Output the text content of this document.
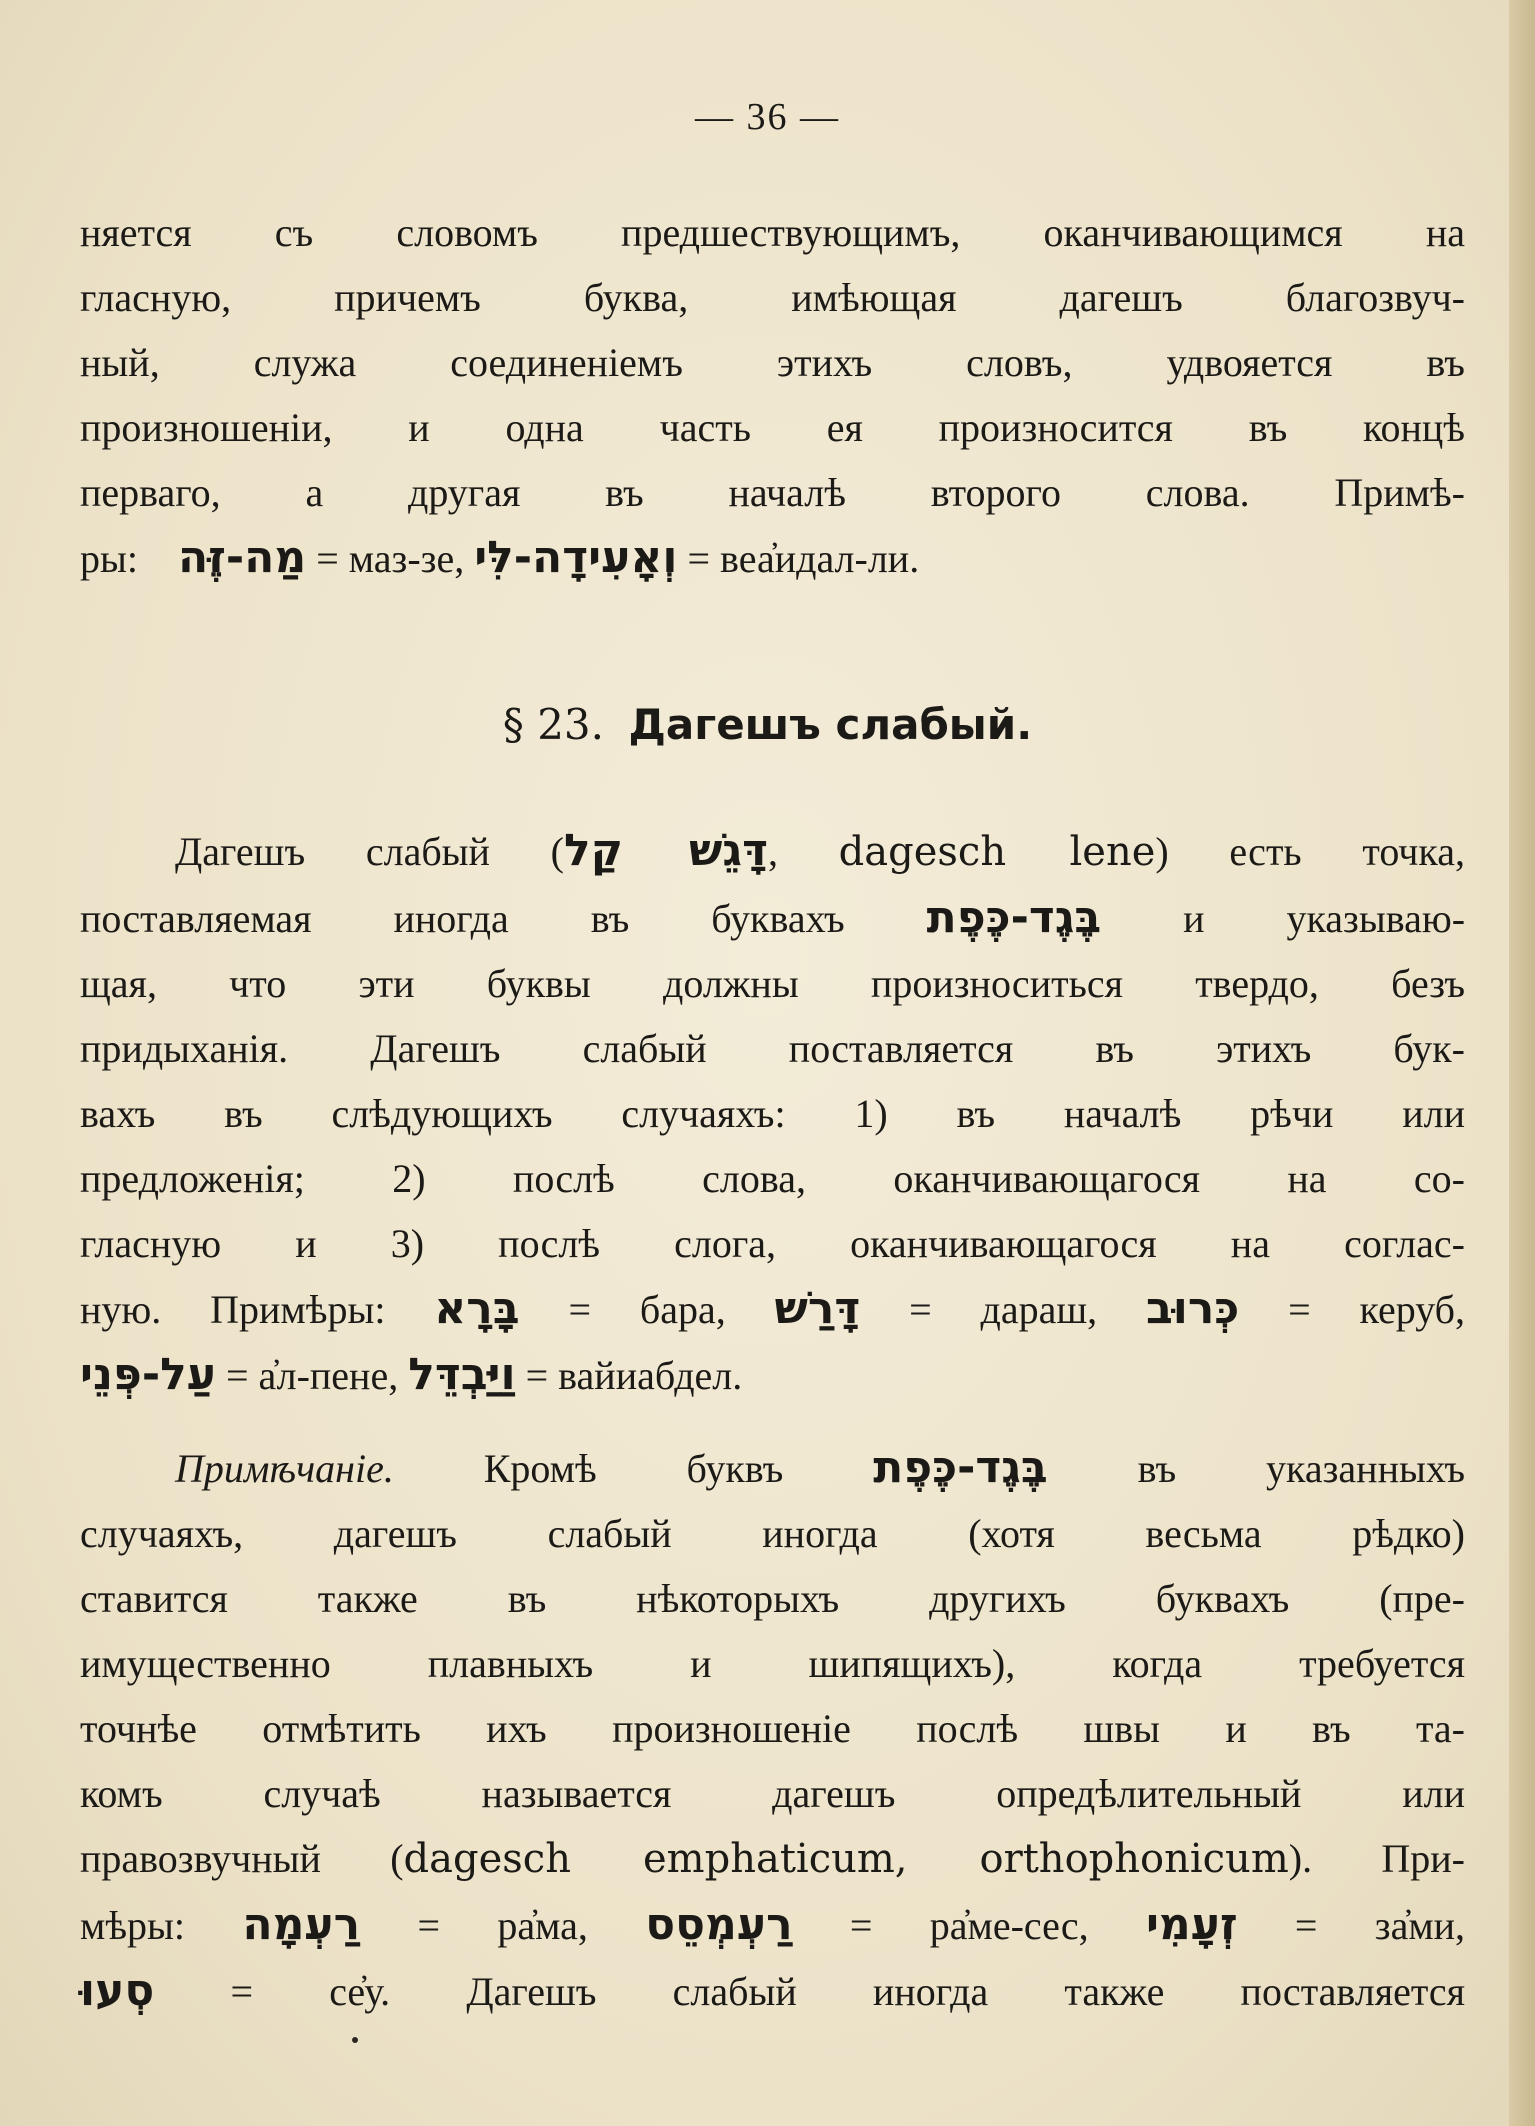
— 36 —
няется съ словомъ предшествующимъ, оканчивающимся на
гласную, причемъ буква, имѣющая дагешъ благозвуч-
ный, служа соединенiемъ этихъ словъ, удвояется въ
произношенiи, и одна часть ея произносится въ концѣ
перваго, а другая въ началѣ второго слова. Примѣ-
ры: מַה-זֶּה = маз-зе, וְאָעִידָה-לִּי = веа̓идал-ли.
§ 23. Дагешъ слабый.
Дагешъ слабый (דָּגֵשׁ קַל, dagesch lene) есть точка,
поставляемая иногда въ буквахъ בֶּגֶד-כֶּפֶת и указываю-
щая, что эти буквы должны произноситься твердо, безъ
придыханiя. Дагешъ слабый поставляется въ этихъ бук-
вахъ въ слѣдующихъ случаяхъ: 1) въ началѣ рѣчи или
предложенiя; 2) послѣ слова, оканчивающагося на со-
гласную и 3) послѣ слога, оканчивающагося на соглас-
ную. Примѣры: בָּרָא = бара, דָּרַשׁ = дараш, כְּרוּב = керуб,
עַל-פְּנֵי = а̓л-пене, וַיַּבְדֵּל = вайиабдел.
Примѣчанiе. Кромѣ буквъ בֶּגֶד-כֶּפֶת въ указанныхъ
случаяхъ, дагешъ слабый иногда (хотя весьма рѣдко)
ставится также въ нѣкоторыхъ другихъ буквахъ (пре-
имущественно плавныхъ и шипящихъ), когда требуется
точнѣе отмѣтить ихъ произношенiе послѣ швы и въ та-
комъ случаѣ называется дагешъ опредѣлительный или
правозвучный (dagesch emphaticum, orthophonicum). При-
мѣры: רַעְמָה = ра̓ма, רַעְמְסֵס = ра̓ме-сес, זְעָמִי = за̓ми,
סְעוּ = се̓у. Дагешъ слабый иногда также поставляется
